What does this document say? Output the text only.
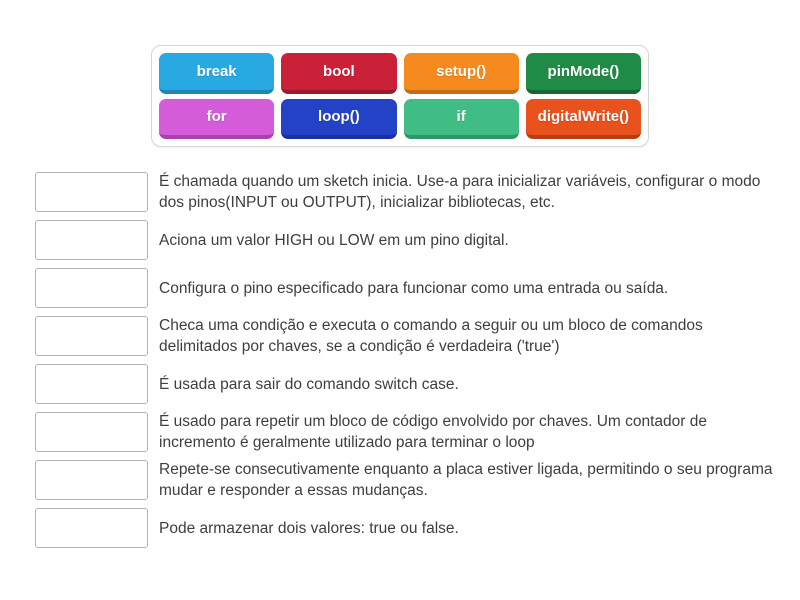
break	bool	setup()	pinMode()
for	loop()	if	digitalWrite()
É chamada quando um sketch inicia. Use-a para inicializar variáveis, configurar o modo dos pinos(INPUT ou OUTPUT), inicializar bibliotecas, etc.
Aciona um valor HIGH ou LOW em um pino digital.
Configura o pino especificado para funcionar como uma entrada ou saída.
Checa uma condição e executa o comando a seguir ou um bloco de comandos delimitados por chaves, se a condição é verdadeira ('true')
É usada para sair do comando switch case.
É usado para repetir um bloco de código envolvido por chaves. Um contador de incremento é geralmente utilizado para terminar o loop
Repete-se consecutivamente enquanto a placa estiver ligada, permitindo o seu programa mudar e responder a essas mudanças.
Pode armazenar dois valores: true ou false.
